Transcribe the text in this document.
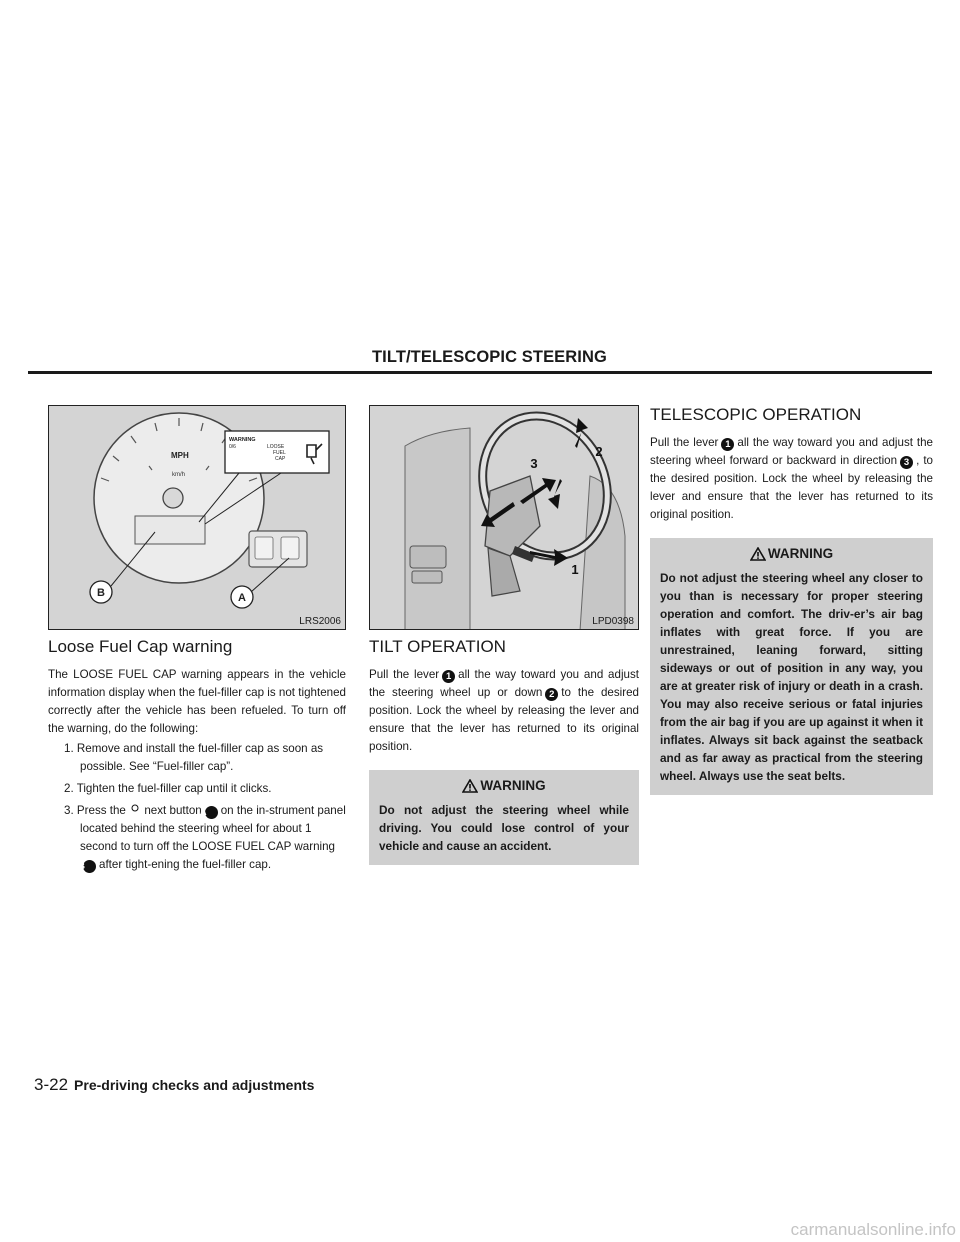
TILT/TELESCOPIC STEERING
MPH
km/h
WARNING
0/6	LOOSE
FUEL
CAP
B	A
LRS2006
Loose Fuel Cap warning

The LOOSE FUEL CAP warning appears in the vehicle information display when the fuel-filler cap is not tightened correctly after the vehicle has been refueled. To turn off the warning, do the following:

1. Remove and install the fuel-filler cap as soon as possible. See “Fuel-filler cap”.
2. Tighten the fuel-filler cap until it clicks.
3. Press the next buttonA on the in-strument panel located behind the steering wheel for about 1 second to turn off the LOOSE FUEL CAP warningB after tight-ening the fuel-filler cap.
2
3
1
LPD0398
TILT OPERATION

Pull the lever 1 all the way toward you and adjust the steering wheel up or down 2 to the desired position. Lock the wheel by releasing the lever and ensure that the lever has returned to its original position.

WARNING

Do not adjust the steering wheel while driving. You could lose control of your vehicle and cause an accident.

TELESCOPIC OPERATION

Pull the lever 1 all the way toward you and adjust the steering wheel forward or backward in direction 3 , to the desired position. Lock the wheel by releasing the lever and ensure that the lever has returned to its original position.

WARNING

Do not adjust the steering wheel any closer to you than is necessary for proper steering operation and comfort. The driv-er’s air bag inflates with great force. If you are unrestrained, leaning forward, sitting sideways or out of position in any way, you are at greater risk of injury or death in a crash. You may also receive serious or fatal injuries from the air bag if you are up against it when it inflates. Always sit back against the seatback and as far away as practical from the steering wheel. Always use the seat belts.

3-22 Pre-driving checks and adjustments
carmanualsonline.info
